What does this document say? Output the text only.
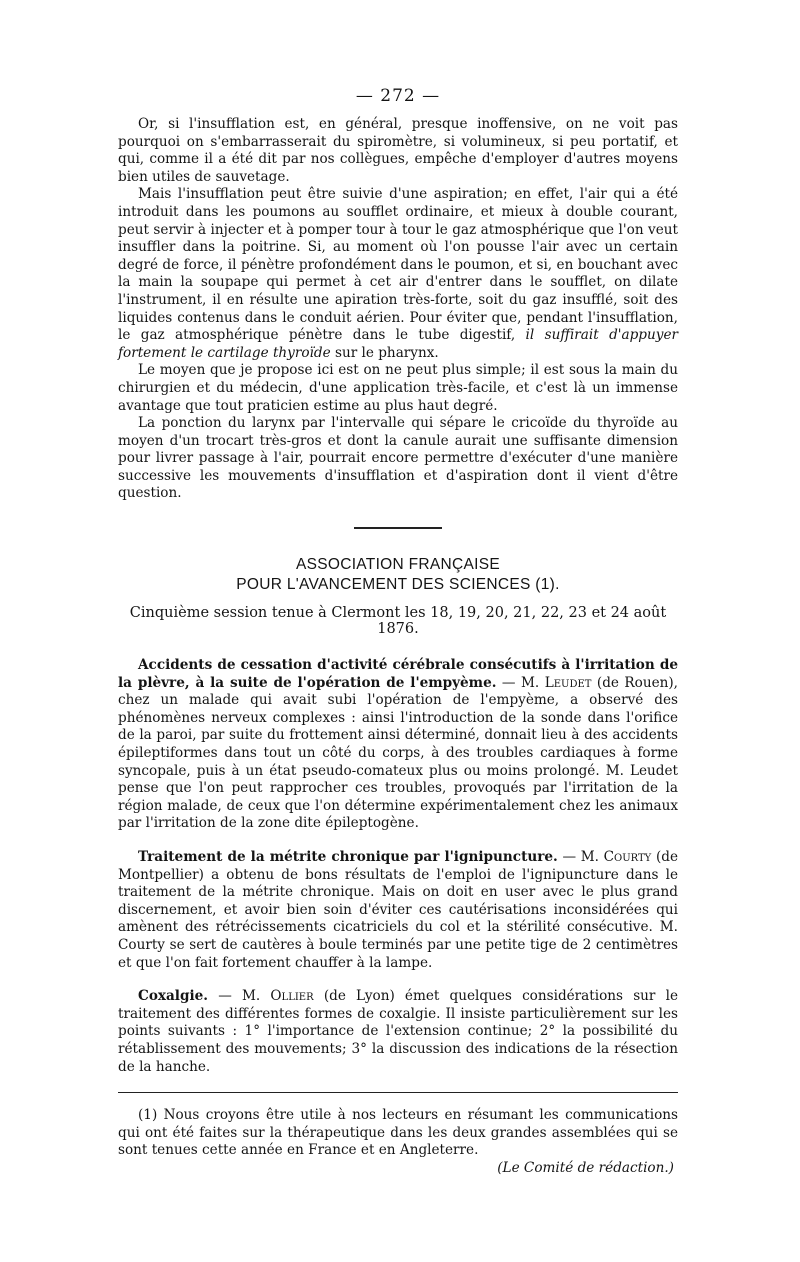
— 272 —

Or, si l'insufflation est, en général, presque inoffensive, on ne voit pas pourquoi on s'embarrasserait du spiromètre, si volumineux, si peu portatif, et qui, comme il a été dit par nos collègues, empêche d'employer d'autres moyens bien utiles de sauvetage.

Mais l'insufflation peut être suivie d'une aspiration; en effet, l'air qui a été introduit dans les poumons au soufflet ordinaire, et mieux à double courant, peut servir à injecter et à pomper tour à tour le gaz atmosphérique que l'on veut insuffler dans la poitrine. Si, au moment où l'on pousse l'air avec un certain degré de force, il pénètre profondément dans le poumon, et si, en bouchant avec la main la soupape qui permet à cet air d'entrer dans le soufflet, on dilate l'instrument, il en résulte une apiration très-forte, soit du gaz insufflé, soit des liquides contenus dans le conduit aérien. Pour éviter que, pendant l'insufflation, le gaz atmosphérique pénètre dans le tube digestif, il suffirait d'appuyer fortement le cartilage thyroïde sur le pharynx.

Le moyen que je propose ici est on ne peut plus simple; il est sous la main du chirurgien et du médecin, d'une application très-facile, et c'est là un immense avantage que tout praticien estime au plus haut degré.

La ponction du larynx par l'intervalle qui sépare le cricoïde du thyroïde au moyen d'un trocart très-gros et dont la canule aurait une suffisante dimension pour livrer passage à l'air, pourrait encore permettre d'exécuter d'une manière successive les mouvements d'insufflation et d'aspiration dont il vient d'être question.

ASSOCIATION FRANÇAISE
POUR L'AVANCEMENT DES SCIENCES (1).
Cinquième session tenue à Clermont les 18, 19, 20, 21, 22, 23 et 24 août 1876.

Accidents de cessation d'activité cérébrale consécutifs à l'irritation de la plèvre, à la suite de l'opération de l'empyème. — M. Leudet (de Rouen), chez un malade qui avait subi l'opération de l'empyème, a observé des phénomènes nerveux complexes : ainsi l'introduction de la sonde dans l'orifice de la paroi, par suite du frottement ainsi déterminé, donnait lieu à des accidents épileptiformes dans tout un côté du corps, à des troubles cardiaques à forme syncopale, puis à un état pseudo-comateux plus ou moins prolongé. M. Leudet pense que l'on peut rapprocher ces troubles, provoqués par l'irritation de la région malade, de ceux que l'on détermine expérimentalement chez les animaux par l'irritation de la zone dite épileptogène.

Traitement de la métrite chronique par l'ignipuncture. — M. Courty (de Montpellier) a obtenu de bons résultats de l'emploi de l'ignipuncture dans le traitement de la métrite chronique. Mais on doit en user avec le plus grand discernement, et avoir bien soin d'éviter ces cautérisations inconsidérées qui amènent des rétrécissements cicatriciels du col et la stérilité consécutive. M. Courty se sert de cautères à boule terminés par une petite tige de 2 centimètres et que l'on fait fortement chauffer à la lampe.

Coxalgie. — M. Ollier (de Lyon) émet quelques considérations sur le traitement des différentes formes de coxalgie. Il insiste particulièrement sur les points suivants : 1° l'importance de l'extension continue; 2° la possibilité du rétablissement des mouvements; 3° la discussion des indications de la résection de la hanche.

(1) Nous croyons être utile à nos lecteurs en résumant les communications qui ont été faites sur la thérapeutique dans les deux grandes assemblées qui se sont tenues cette année en France et en Angleterre.

(Le Comité de rédaction.)
